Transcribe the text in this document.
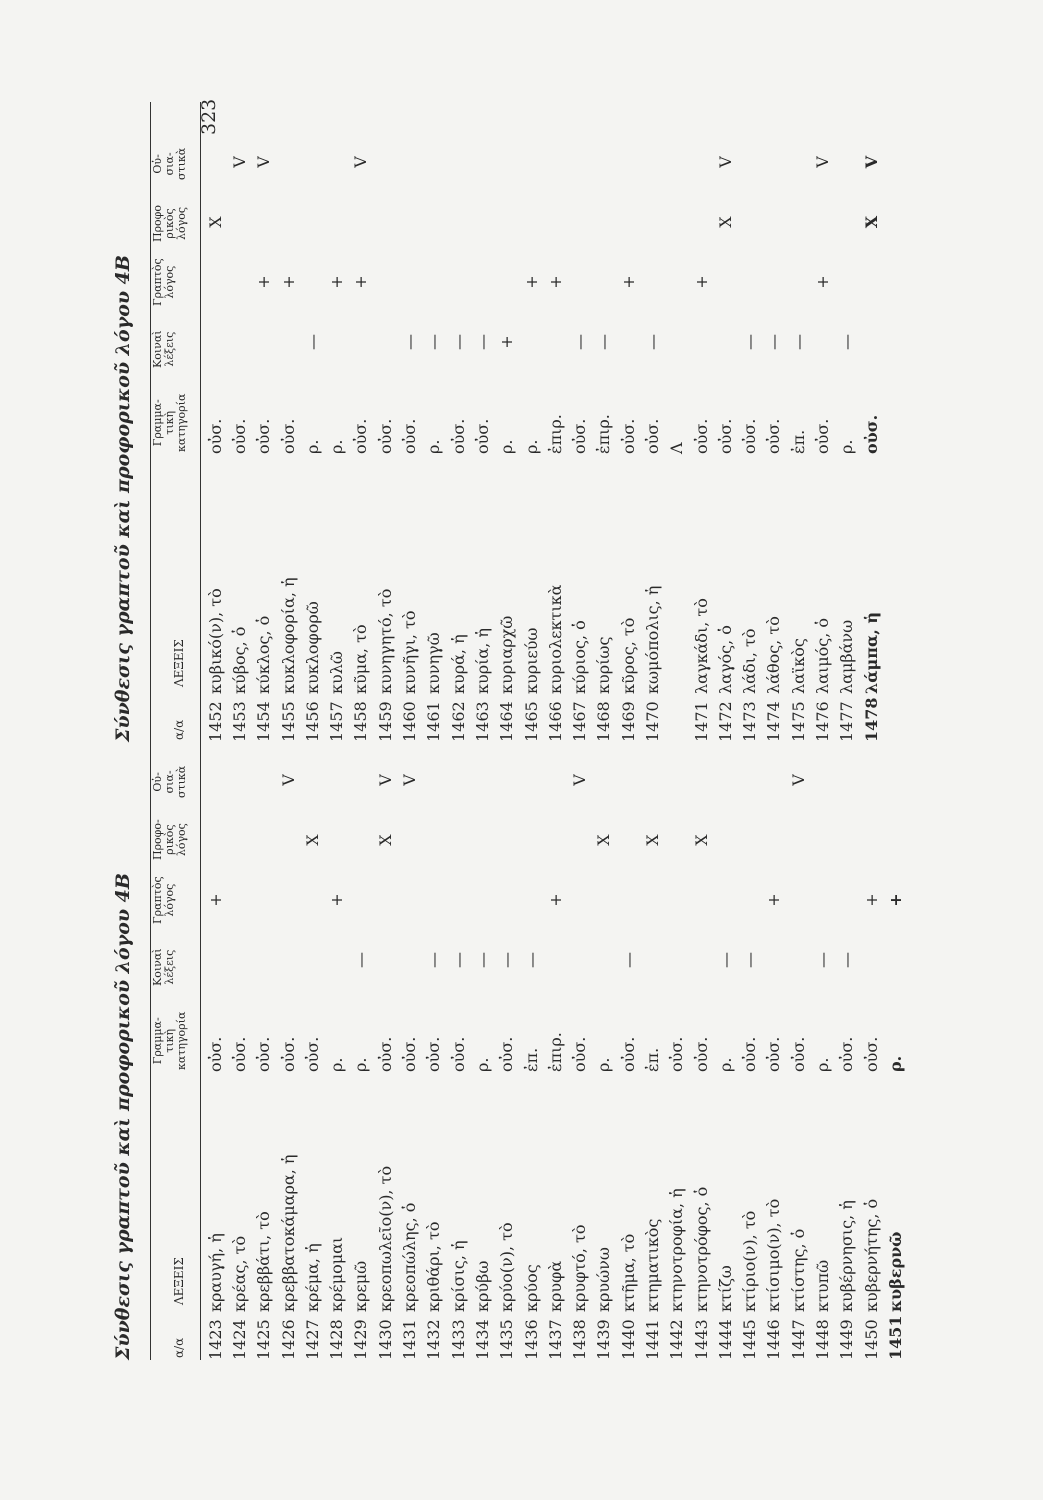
Σύνθεσις γραπτοῦ καὶ προφορικοῦ λόγου 4Β	α/α
ΛΕΞΕΙΣ
Γραμμα-
τικὴ
κατηγορία
Κοιναὶ
λέξεις
Γραπτὸς
λόγος
Προφο-
ρικὸς
λόγος
Οὐ-
σια-
στικὰ
1423	κραυγή, ἡ	οὐσ.		+		
1424	κρέας, τὸ	οὐσ.				
1425	κρεββάτι, τὸ	οὐσ.				
1426	κρεββατοκάμαρα, ἡ	οὐσ.				V
1427	κρέμα, ἡ	οὐσ.			X	
1428	κρέμομαι	ρ.		+		
1429	κρεμῶ	ρ.	—			
1430	κρεοπωλεῖο(ν), τὸ	οὐσ.			X	V
1431	κρεοπώλης, ὁ	οὐσ.				V
1432	κριθάρι, τὸ	οὐσ.	—			
1433	κρίσις, ἡ	οὐσ.	—			
1434	κρύβω	ρ.	—			
1435	κρύο(ν), τὸ	οὐσ.	—			
1436	κρύος	ἐπ.	—			
1437	κρυφὰ	ἐπιρ.		+		
1438	κρυφτό, τὸ	οὐσ.				V
1439	κρυώνω	ρ.			X	
1440	κτῆμα, τὸ	οὐσ.	—			
1441	κτηματικὸς	ἐπ.			X	
1442	κτηνοτροφία, ἡ	οὐσ.				
1443	κτηνοτρόφος, ὁ	οὐσ.			X	
1444	κτίζω	ρ.	—			
1445	κτίριο(ν), τὸ	οὐσ.	—			
1446	κτίσιμο(ν), τὸ	οὐσ.		+		
1447	κτίστης, ὁ	οὐσ.				V
1448	κτυπῶ	ρ.	—			
1449	κυβέρνησις, ἡ	οὐσ.	—			
1450	κυβερνήτης, ὁ	οὐσ.		+		
1451	κυβερνῶ	ρ.		+		
Σύνθεσις γραπτοῦ καὶ προφορικοῦ λόγου 4Β	α/α
ΛΕΞΕΙΣ
Γραμμα-
τικὴ
κατηγορία
Κοιναὶ
λέξεις
Γραπτὸς
λόγος
Προφο
ρικὸς
λόγος
Οὐ-
σια-
στικὰ
1452	κυβικό(ν), τὸ	οὐσ.			X	
1453	κύβος, ὁ	οὐσ.				V
1454	κύκλος, ὁ	οὐσ.		+		V
1455	κυκλοφορία, ἡ	οὐσ.		+		
1456	κυκλοφορῶ	ρ.	—			
1457	κυλῶ	ρ.		+		
1458	κῦμα, τὸ	οὐσ.		+		V
1459	κυνηγητό, τὸ	οὐσ.				
1460	κυνῆγι, τὸ	οὐσ.	—			
1461	κυνηγῶ	ρ.	—			
1462	κυρά, ἡ	οὐσ.	—			
1463	κυρία, ἡ	οὐσ.	—			
1464	κυριαρχῶ	ρ.	+			
1465	κυριεύω	ρ.		+		
1466	κυριολεκτικὰ	ἐπιρ.		+		
1467	κύριος, ὁ	οὐσ.	—			
1468	κυρίως	ἐπιρ.	—			
1469	κῦρος, τὸ	οὐσ.		+		
1470	κωμόπολις, ἡ	οὐσ.	—			
		Λ				
1471	λαγκάδι, τὸ	οὐσ.		+		
1472	λαγός, ὁ	οὐσ.			X	V
1473	λάδι, τὸ	οὐσ.	—			
1474	λάθος, τὸ	οὐσ.	—			
1475	λαϊκὸς	ἐπ.	—			
1476	λαιμός, ὁ	οὐσ.		+		V
1477	λαμβάνω	ρ.	—			
1478	λάμπα, ἡ	οὐσ.			X	V
323
